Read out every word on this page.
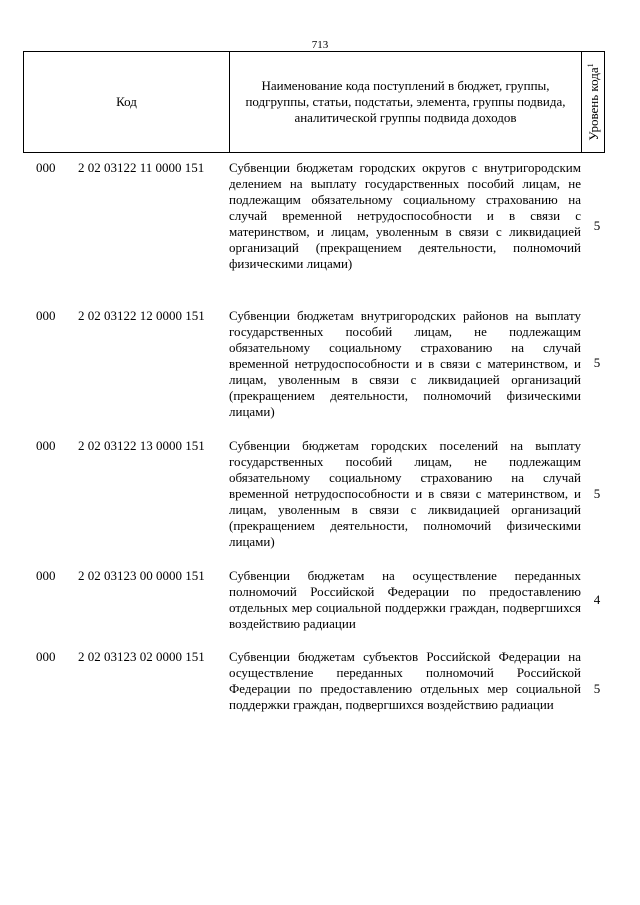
713
Код
Наименование кода поступлений в бюджет, группы, подгруппы, статьи, подстатьи, элемента, группы подвида, аналитической группы подвида доходов	Уровень кода$^1$
000 2 02 03122 11 0000 151 Субвенции бюджетам городских округов с внутригородским делением на выплату государственных пособий лицам, не подлежащим обязательному социальному страхованию на случай временной нетрудоспособности и в связи с материнством, и лицам, уволенным в связи с ликвидацией организаций (прекращением деятельности, полномочий физическими лицами)
5
000 2 02 03122 12 0000 151 Субвенции бюджетам внутригородских районов на выплату государственных пособий лицам, не подлежащим обязательному социальному страхованию на случай временной нетрудоспособности и в связи с материнством, и лицам, уволенным в связи с ликвидацией организаций (прекращением деятельности, полномочий физическими лицами)
5
000 2 02 03122 13 0000 151 Субвенции бюджетам городских поселений на выплату государственных пособий лицам, не подлежащим обязательному социальному страхованию на случай временной нетрудоспособности и в связи с материнством, и лицам, уволенным в связи с ликвидацией организаций (прекращением деятельности, полномочий физическими лицами)
5
000 2 02 03123 00 0000 151 Субвенции бюджетам на осуществление переданных полномочий Российской Федерации по предоставлению отдельных мер социальной поддержки граждан, подвергшихся воздействию радиации
4
000 2 02 03123 02 0000 151 Субвенции бюджетам субъектов Российской Федерации на осуществление переданных полномочий Российской Федерации по предоставлению отдельных мер социальной поддержки граждан, подвергшихся воздействию радиации
5
